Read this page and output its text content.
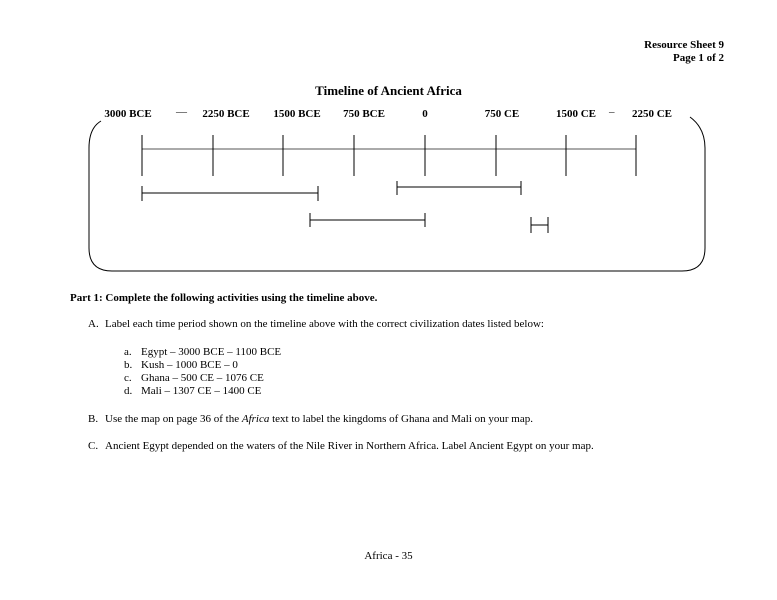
Resource Sheet 9
Page 1 of 2
Timeline of Ancient Africa
3000 BCE — 2250 BCE 1500 BCE 750 BCE	0	750 CE	1500 CE – 2250 CE
Part 1: Complete the following activities using the timeline above.
A. Label each time period shown on the timeline above with the correct civilization dates listed below:
a. Egypt – 3000 BCE – 1100 BCE
b. Kush – 1000 BCE – 0
c. Ghana – 500 CE – 1076 CE
d. Mali – 1307 CE – 1400 CE
B. Use the map on page 36 of the Africa text to label the kingdoms of Ghana and Mali on your map.
C. Ancient Egypt depended on the waters of the Nile River in Northern Africa. Label Ancient Egypt on your map.
Africa - 35
